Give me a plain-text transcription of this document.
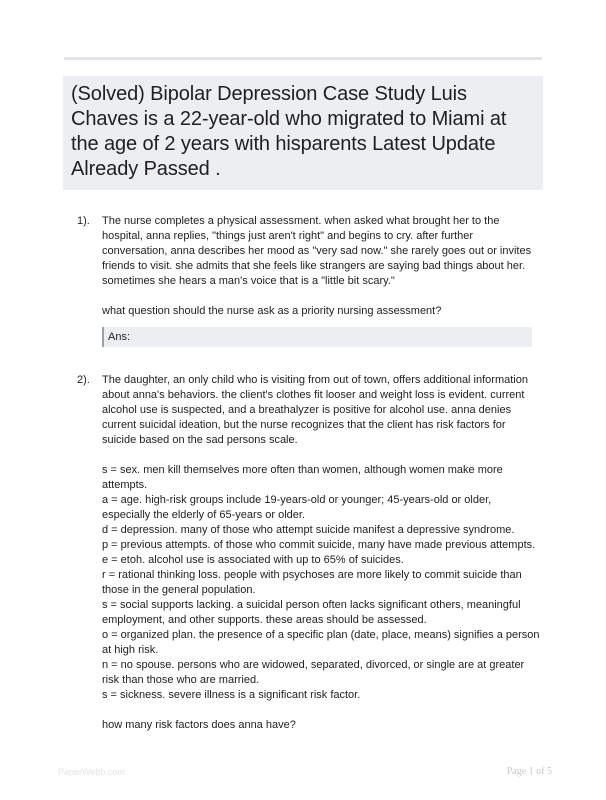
(Solved) Bipolar Depression Case Study Luis Chaves is a 22-year-old who migrated to Miami at the age of 2 years with hisparents Latest Update Already Passed .
1). The nurse completes a physical assessment. when asked what brought her to the hospital, anna replies, "things just aren't right" and begins to cry. after further conversation, anna describes her mood as "very sad now." she rarely goes out or invites friends to visit. she admits that she feels like strangers are saying bad things about her. sometimes she hears a man's voice that is a "little bit scary."

what question should the nurse ask as a priority nursing assessment?

Ans:
2). The daughter, an only child who is visiting from out of town, offers additional information about anna's behaviors. the client's clothes fit looser and weight loss is evident. current alcohol use is suspected, and a breathalyzer is positive for alcohol use. anna denies current suicidal ideation, but the nurse recognizes that the client has risk factors for suicide based on the sad persons scale.

s = sex. men kill themselves more often than women, although women make more attempts.

a = age. high-risk groups include 19-years-old or younger; 45-years-old or older, especially the elderly of 65-years or older.

d = depression. many of those who attempt suicide manifest a depressive syndrome.

p = previous attempts. of those who commit suicide, many have made previous attempts.

e = etoh. alcohol use is associated with up to 65% of suicides.

r = rational thinking loss. people with psychoses are more likely to commit suicide than those in the general population.

s = social supports lacking. a suicidal person often lacks significant others, meaningful employment, and other supports. these areas should be assessed.

o = organized plan. the presence of a specific plan (date, place, means) signifies a person at high risk.

n = no spouse. persons who are widowed, separated, divorced, or single are at greater risk than those who are married.

s = sickness. severe illness is a significant risk factor.

how many risk factors does anna have?

PaperWebb.com	Page 1 of 5
